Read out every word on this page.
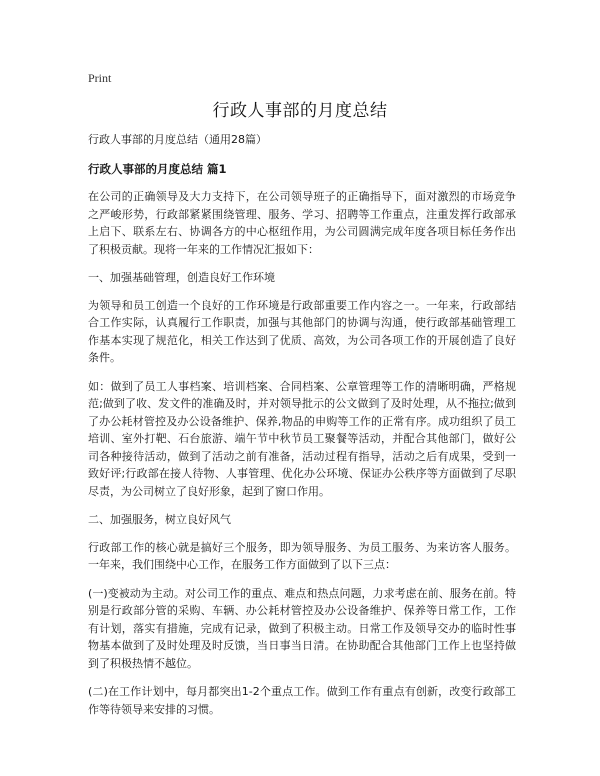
Print
行政人事部的月度总结

行政人事部的月度总结（通用28篇）

行政人事部的月度总结 篇1

在公司的正确领导及大力支持下，在公司领导班子的正确指导下，面对激烈的市场竞争之严峻形势，行政部紧紧围绕管理、服务、学习、招聘等工作重点，注重发挥行政部承上启下、联系左右、协调各方的中心枢纽作用，为公司圆满完成年度各项目标任务作出了积极贡献。现将一年来的工作情况汇报如下：

一、加强基础管理，创造良好工作环境

为领导和员工创造一个良好的工作环境是行政部重要工作内容之一。一年来，行政部结合工作实际，认真履行工作职责，加强与其他部门的协调与沟通，使行政部基础管理工作基本实现了规范化，相关工作达到了优质、高效，为公司各项工作的开展创造了良好条件。

如：做到了员工人事档案、培训档案、合同档案、公章管理等工作的清晰明确，严格规范;做到了收、发文件的准确及时，并对领导批示的公文做到了及时处理，从不拖拉;做到了办公耗材管控及办公设备维护、保养,物品的申购等工作的正常有序。成功组织了员工培训、室外打靶、石台旅游、端午节中秋节员工聚餐等活动，并配合其他部门，做好公司各种接待活动，做到了活动之前有准备，活动过程有指导，活动之后有成果，受到一致好评;行政部在接人待物、人事管理、优化办公环境、保证办公秩序等方面做到了尽职尽责，为公司树立了良好形象，起到了窗口作用。

二、加强服务，树立良好风气

行政部工作的核心就是搞好三个服务，即为领导服务、为员工服务、为来访客人服务。一年来，我们围绕中心工作，在服务工作方面做到了以下三点：

(一)变被动为主动。对公司工作的重点、难点和热点问题，力求考虑在前、服务在前。特别是行政部分管的采购、车辆、办公耗材管控及办公设备维护、保养等日常工作，工作有计划，落实有措施，完成有记录，做到了积极主动。日常工作及领导交办的临时性事物基本做到了及时处理及时反馈，当日事当日清。在协助配合其他部门工作上也坚持做到了积极热情不越位。

(二)在工作计划中，每月都突出1-2个重点工作。做到工作有重点有创新，改变行政部工作等待领导来安排的习惯。
